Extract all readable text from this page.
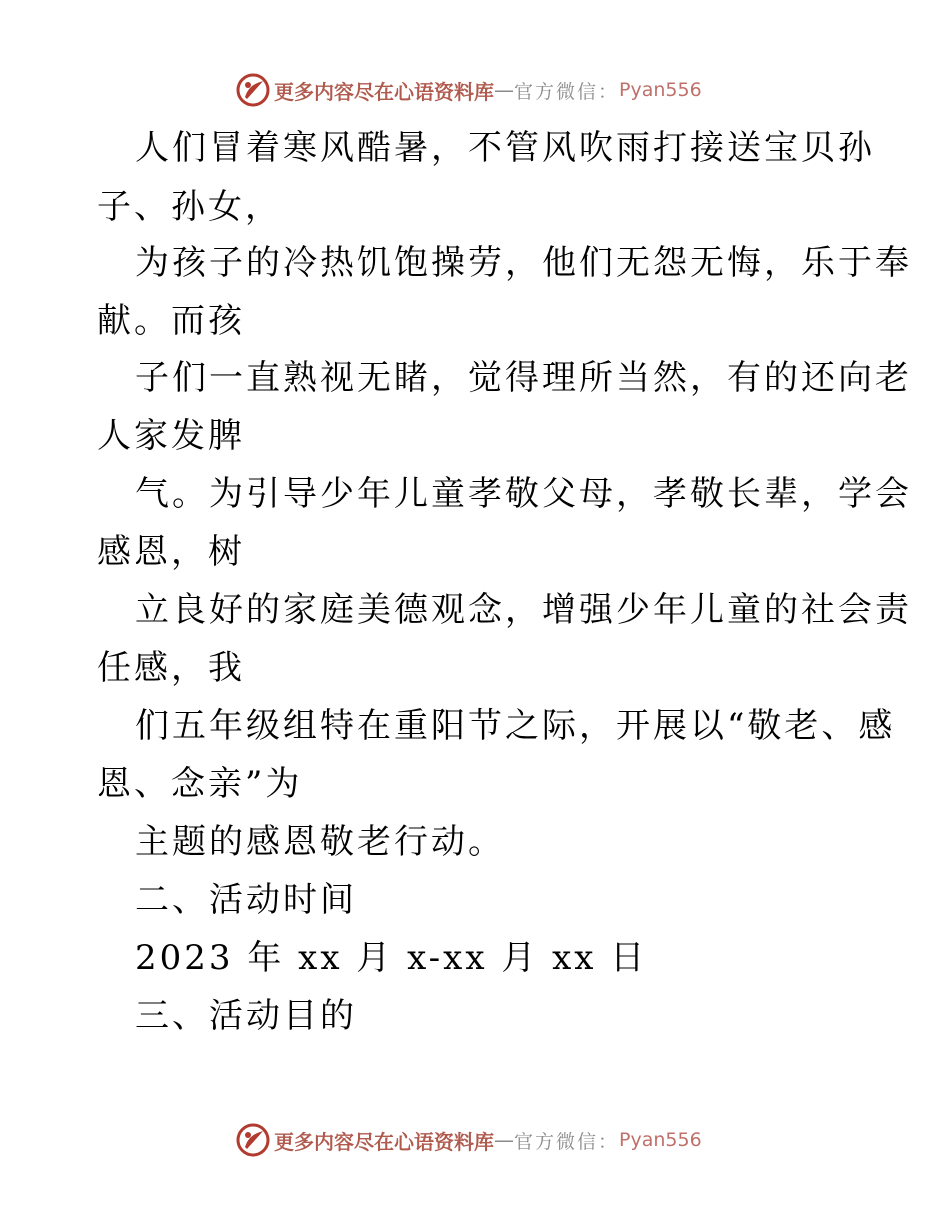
更多内容尽在心语资料库 — 官方微信： Pyan556
人们冒着寒风酷暑，不管风吹雨打接送宝贝孙
子、孙女，
为孩子的冷热饥饱操劳，他们无怨无悔，乐于奉
献。而孩
子们一直熟视无睹，觉得理所当然，有的还向老
人家发脾
气。为引导少年儿童孝敬父母，孝敬长辈，学会
感恩，树
立良好的家庭美德观念，增强少年儿童的社会责
任感，我
们五年级组特在重阳节之际，开展以“敬老、感
恩、念亲”为
主题的感恩敬老行动。
二、活动时间
2023 年 xx 月 x-xx 月 xx 日
三、活动目的
更多内容尽在心语资料库 — 官方微信： Pyan556
